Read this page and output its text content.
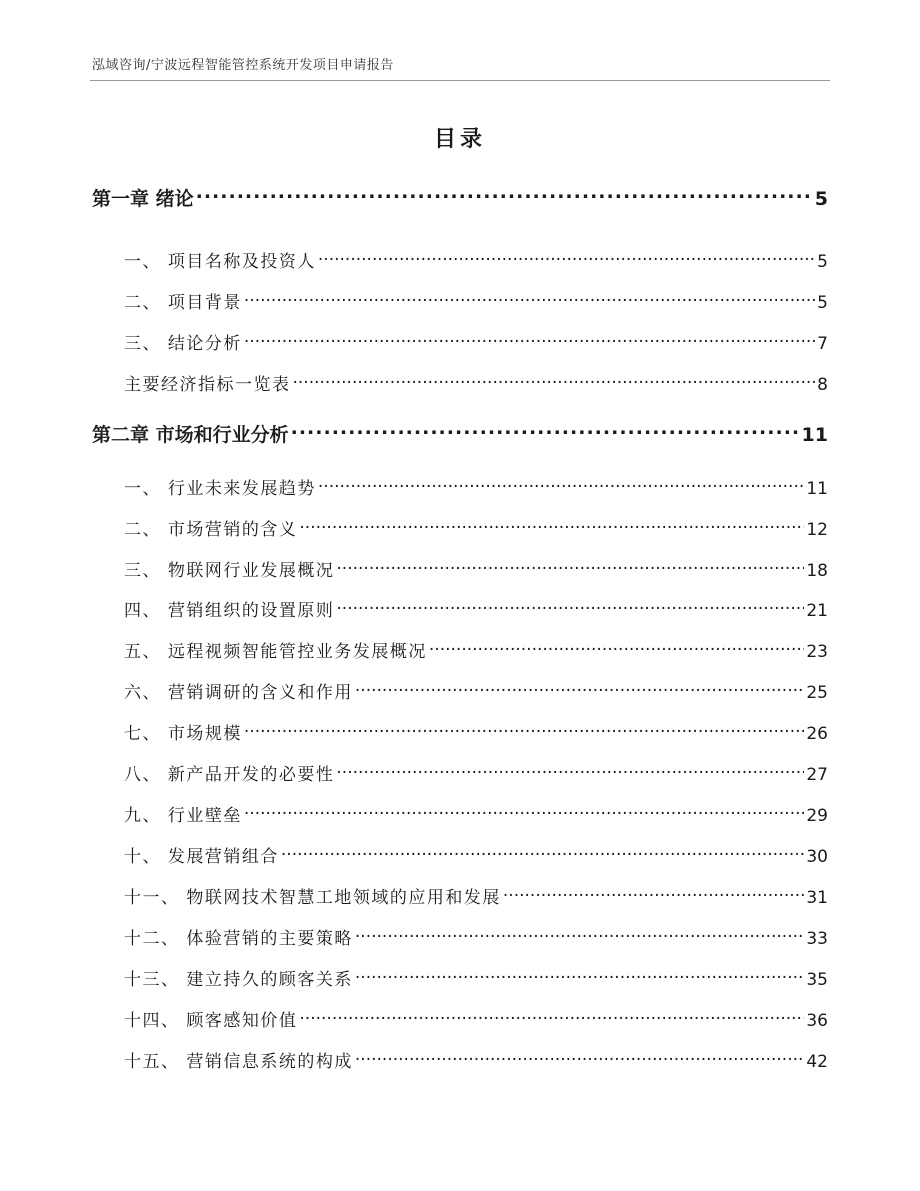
泓域咨询/宁波远程智能管控系统开发项目申请报告
目录
第一章 绪论 .....	5
一、 项目名称及投资人 .....	5
二、 项目背景 .....	5
三、 结论分析 .....	7
主要经济指标一览表 .....	8
第二章 市场和行业分析 .....	11
一、 行业未来发展趋势 .....	11
二、 市场营销的含义 .....	12
三、 物联网行业发展概况 .....	18
四、 营销组织的设置原则 .....	21
五、 远程视频智能管控业务发展概况 .....	23
六、 营销调研的含义和作用 .....	25
七、 市场规模 .....	26
八、 新产品开发的必要性 .....	27
九、 行业壁垒 .....	29
十、 发展营销组合 .....	30
十一、 物联网技术智慧工地领域的应用和发展 .....	31
十二、 体验营销的主要策略 .....	33
十三、 建立持久的顾客关系 .....	35
十四、 顾客感知价值 .....	36
十五、 营销信息系统的构成 .....	42
